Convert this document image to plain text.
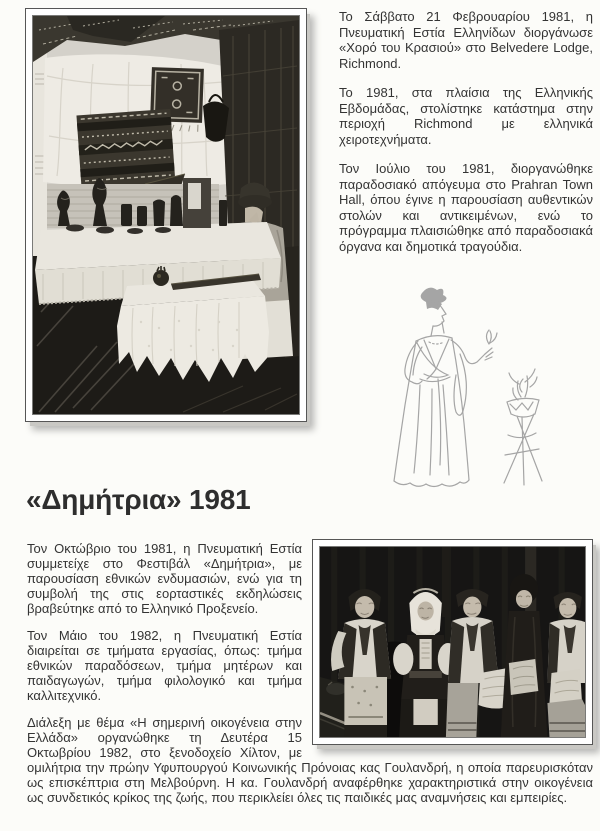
Το Σάββατο 21 Φεβρουαρίου 1981, η Πνευματική Εστία Ελληνίδων διοργάνωσε «Χορό του Κρασιού» στο Belvedere Lodge, Richmond.

Το 1981, στα πλαίσια της Ελληνικής Εβδομάδας, στολίστηκε κατάστημα στην περιοχή Richmond με ελληνικά χειροτεχνήματα.

Τον Ιούλιο του 1981, διοργανώθηκε παραδοσιακό απόγευμα στο Prahran Town Hall, όπου έγινε η παρουσίαση αυθεντικών στολών και αντικειμένων, ενώ το πρόγραμμα πλαισιώθηκε από παραδοσιακά όργανα και δημοτικά τραγούδια.

«Δημήτρια» 1981

Τον Οκτώβριο του 1981, η Πνευματική Εστία συμμετείχε στο Φεστιβάλ «Δημήτρια», με παρουσίαση εθνικών ενδυμασιών, ενώ για τη συμβολή της στις εορταστικές εκδηλώσεις βραβεύτηκε από το Ελληνικό Προξενείο.

Τον Μάιο του 1982, η Πνευματική Εστία διαιρείται σε τμήματα εργασίας, όπως: τμήμα εθνικών παραδόσεων, τμήμα μητέρων και παιδαγωγών, τμήμα φιλολογικό και τμήμα καλλιτεχνικό.

Διάλεξη με θέμα «Η σημερινή οικογένεια στην Ελλάδα» οργανώθηκε τη Δευτέρα 15 Οκτωβρίου 1982, στο ξενοδοχείο Χίλτον, με ομιλήτρια την πρώην Υφυπουργού Κοινωνικής Πρόνοιας κας Γουλανδρή, η οποία παρευρισκόταν ως επισκέπτρια στη Μελβούρνη. Η κα. Γουλανδρή αναφέρθηκε χαρακτηριστικά στην οικογένεια ως συνδετικός κρίκος της ζωής, που περικλείει όλες τις παιδικές μας αναμνήσεις και εμπειρίες.
